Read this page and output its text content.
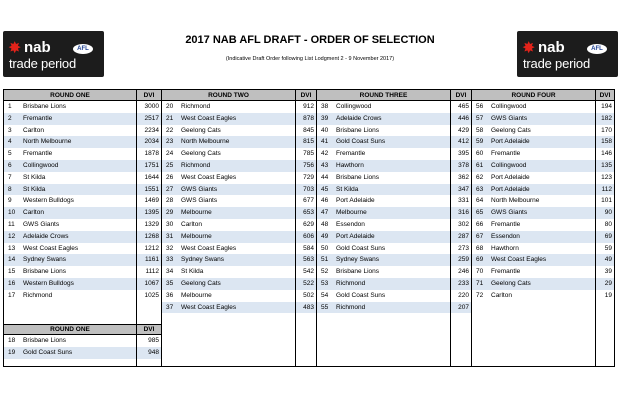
✸ nab	AFL
trade period
✸ nab	AFL
trade period
2017 NAB AFL DRAFT - ORDER OF SELECTION
(Indicative Draft Order following List Lodgment 2 - 9 November 2017)
ROUND ONE	DVI
1 Brisbane Lions	3000
2 Fremantle	2517
3 Carlton	2234
4 North Melbourne	2034
5 Fremantle	1878
6 Collingwood	1751
7 St Kilda	1644
8 St Kilda	1551
9 Western Bulldogs	1469
10 Carlton	1395
11 GWS Giants	1329
12 Adelaide Crows	1268
13 West Coast Eagles	1212
14 Sydney Swans	1161
15 Brisbane Lions	1112
16 Western Bulldogs	1067
17 Richmond	1025
ROUND ONE	DVI
18 Brisbane Lions	985
19 Gold Coast Suns	948
ROUND TWO	DVI
20 Richmond	912
21 West Coast Eagles	878
22 Geelong Cats	845
23 North Melbourne	815
24 Geelong Cats	785
25 Richmond	756
26 West Coast Eagles	729
27 GWS Giants	703
28 GWS Giants	677
29 Melbourne	653
30 Carlton	629
31 Melbourne	606
32 West Coast Eagles	584
33 Sydney Swans	563
34 St Kilda	542
35 Geelong Cats	522
36 Melbourne	502
37 West Coast Eagles	483
ROUND THREE	DVI
38 Collingwood	465
39 Adelaide Crows	446
40 Brisbane Lions	429
41 Gold Coast Suns	412
42 Fremantle	395
43 Hawthorn	378
44 Brisbane Lions	362
45 St Kilda	347
46 Port Adelaide	331
47 Melbourne	316
48 Essendon	302
49 Port Adelaide	287
50 Gold Coast Suns	273
51 Sydney Swans	259
52 Brisbane Lions	246
53 Richmond	233
54 Gold Coast Suns	220
55 Richmond	207
ROUND FOUR	DVI
56 Collingwood	194
57 GWS Giants	182
58 Geelong Cats	170
59 Port Adelaide	158
60 Fremantle	146
61 Collingwood	135
62 Port Adelaide	123
63 Port Adelaide	112
64 North Melbourne	101
65 GWS Giants	90
66 Fremantle	80
67 Essendon	69
68 Hawthorn	59
69 West Coast Eagles	49
70 Fremantle	39
71 Geelong Cats	29
72 Carlton	19
